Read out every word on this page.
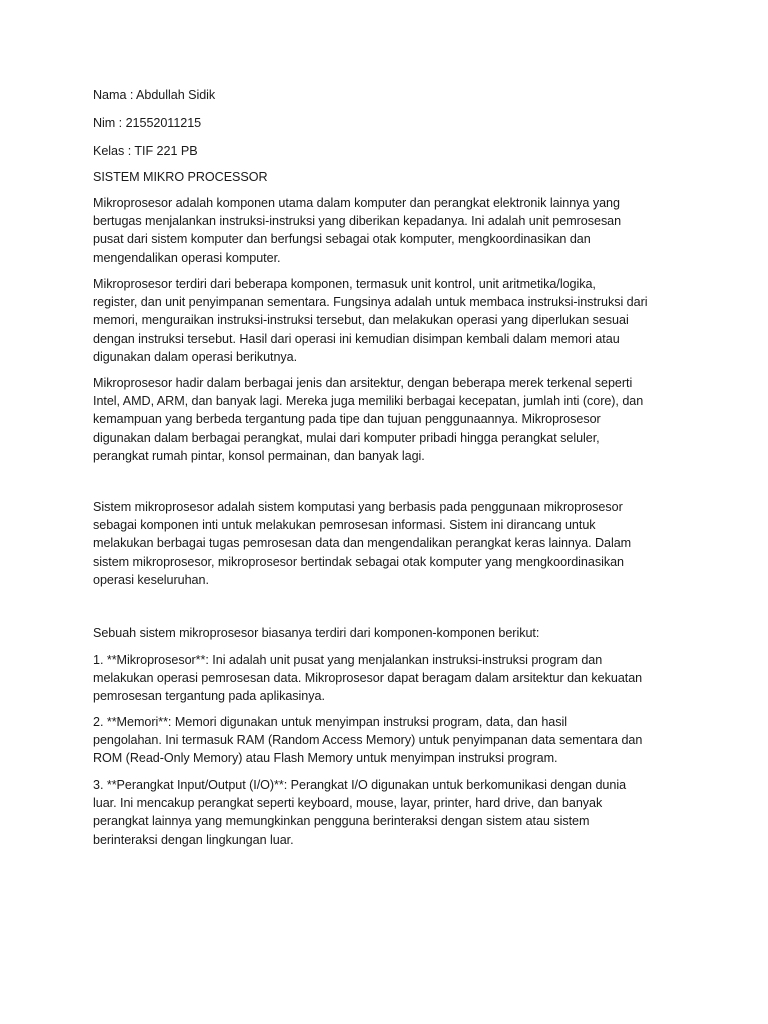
Nama : Abdullah Sidik

Nim : 21552011215

Kelas : TIF 221 PB

SISTEM MIKRO PROCESSOR

Mikroprosesor adalah komponen utama dalam komputer dan perangkat elektronik lainnya yang
bertugas menjalankan instruksi-instruksi yang diberikan kepadanya. Ini adalah unit pemrosesan
pusat dari sistem komputer dan berfungsi sebagai otak komputer, mengkoordinasikan dan
mengendalikan operasi komputer.
Mikroprosesor terdiri dari beberapa komponen, termasuk unit kontrol, unit aritmetika/logika,
register, dan unit penyimpanan sementara. Fungsinya adalah untuk membaca instruksi-instruksi dari
memori, menguraikan instruksi-instruksi tersebut, dan melakukan operasi yang diperlukan sesuai
dengan instruksi tersebut. Hasil dari operasi ini kemudian disimpan kembali dalam memori atau
digunakan dalam operasi berikutnya.
Mikroprosesor hadir dalam berbagai jenis dan arsitektur, dengan beberapa merek terkenal seperti
Intel, AMD, ARM, dan banyak lagi. Mereka juga memiliki berbagai kecepatan, jumlah inti (core), dan
kemampuan yang berbeda tergantung pada tipe dan tujuan penggunaannya. Mikroprosesor
digunakan dalam berbagai perangkat, mulai dari komputer pribadi hingga perangkat seluler,
perangkat rumah pintar, konsol permainan, dan banyak lagi.
Sistem mikroprosesor adalah sistem komputasi yang berbasis pada penggunaan mikroprosesor
sebagai komponen inti untuk melakukan pemrosesan informasi. Sistem ini dirancang untuk
melakukan berbagai tugas pemrosesan data dan mengendalikan perangkat keras lainnya. Dalam
sistem mikroprosesor, mikroprosesor bertindak sebagai otak komputer yang mengkoordinasikan
operasi keseluruhan.
Sebuah sistem mikroprosesor biasanya terdiri dari komponen-komponen berikut:
1. **Mikroprosesor**: Ini adalah unit pusat yang menjalankan instruksi-instruksi program dan
melakukan operasi pemrosesan data. Mikroprosesor dapat beragam dalam arsitektur dan kekuatan
pemrosesan tergantung pada aplikasinya.
2. **Memori**: Memori digunakan untuk menyimpan instruksi program, data, dan hasil
pengolahan. Ini termasuk RAM (Random Access Memory) untuk penyimpanan data sementara dan
ROM (Read-Only Memory) atau Flash Memory untuk menyimpan instruksi program.
3. **Perangkat Input/Output (I/O)**: Perangkat I/O digunakan untuk berkomunikasi dengan dunia
luar. Ini mencakup perangkat seperti keyboard, mouse, layar, printer, hard drive, dan banyak
perangkat lainnya yang memungkinkan pengguna berinteraksi dengan sistem atau sistem
berinteraksi dengan lingkungan luar.
